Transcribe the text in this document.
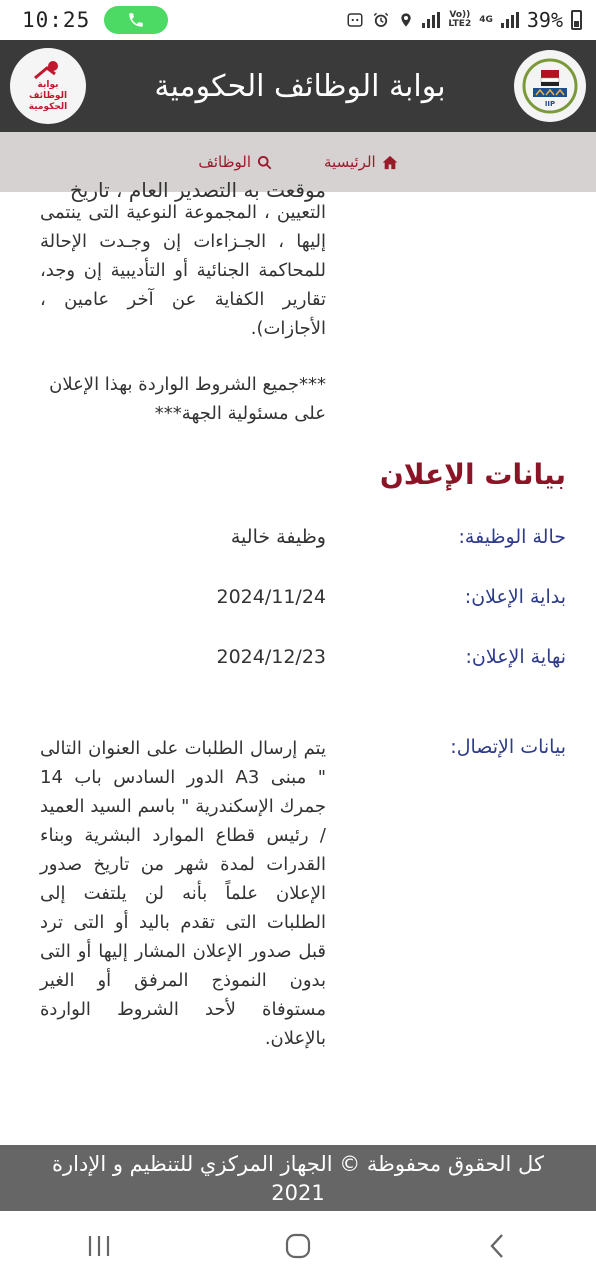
10:25	Vo))
LTE2 4G 39%
بوابة
الوظائف
الحكومية
بوابة الوظائف الحكومية
IIP
الرئيسية
الوظائف
موقعت به التصدير العام ، تاريخ
التعيين ، المجموعة النوعية التى ينتمى إليها ، الجـزاءات إن وجـدت الإحالة للمحاكمة الجنائية أو التأديبية إن وجد، تقارير الكفاية عن آخر عامين ، الأجازات).
***جميع الشروط الواردة بهذا الإعلان على مسئولية الجهة***
بيانات الإعلان
حالة الوظيفة:
وظيفة خالية
بداية الإعلان:
2024/11/24
نهاية الإعلان:
2024/12/23
بيانات الإتصال:
يتم إرسال الطلبات على العنوان التالى " مبنى A3 الدور السادس باب 14 جمرك الإسكندرية " باسم السيد العميد / رئيس قطاع الموارد البشرية وبناء القدرات لمدة شهر من تاريخ صدور الإعلان علماً بأنه لن يلتفت إلى الطلبات التى تقدم باليد أو التى ترد قبل صدور الإعلان المشار إليها أو التى بدون النموذج المرفق أو الغير مستوفاة لأحد الشروط الواردة بالإعلان.
كل الحقوق محفوظة © الجهاز المركزي للتنظيم و الإدارة
2021
